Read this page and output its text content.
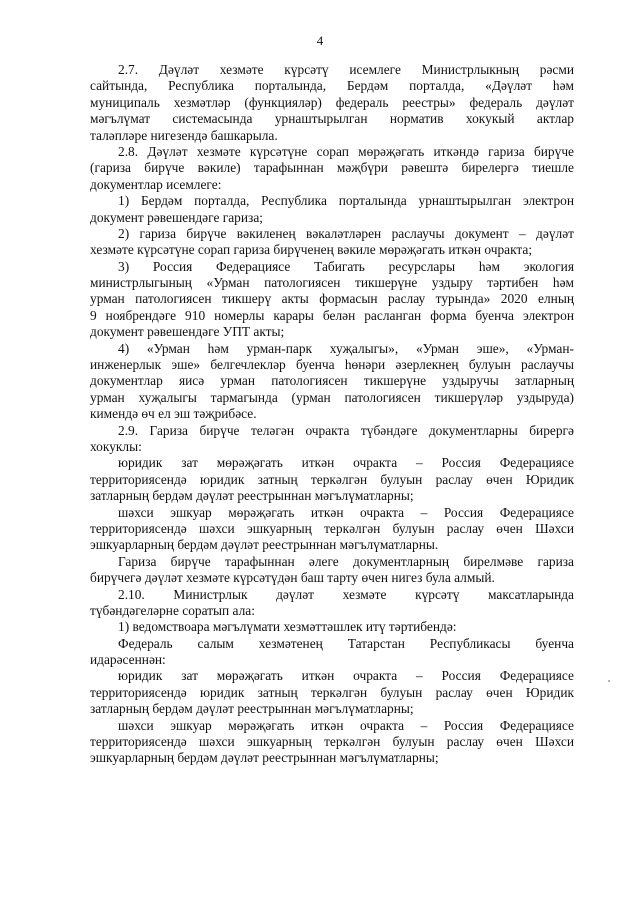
4
2.7. Дәүләт хезмәте күрсәтү исемлеге Министрлыкның рәсми
сайтында, Республика порталында, Бердәм порталда, «Дәүләт һәм
муниципаль хезмәтләр (функцияләр) федераль реестры» федераль дәүләт
мәгълүмат системасында урнаштырылган норматив хокукый актлар
таләпләре нигезендә башкарыла.
2.8. Дәүләт хезмәте күрсәтүне сорап мөрәҗәгать иткәндә гариза бирүче
(гариза бирүче вәкиле) тарафыннан мәҗбүри рәвештә бирелергә тиешле
документлар исемлеге:
1) Бердәм порталда, Республика порталында урнаштырылган электрон
документ рәвешендәге гариза;
2) гариза бирүче вәкиленең вәкаләтләрен раслаучы документ – дәүләт
хезмәте күрсәтүне сорап гариза бирүченең вәкиле мөрәҗәгать иткән очракта;
3) Россия Федерациясе Табигать ресурслары һәм экология
министрлыгының «Урман патологиясен тикшерүне уздыру тәртибен һәм
урман патологиясен тикшерү акты формасын раслау турында» 2020 елның
9 ноябрендәге 910 номерлы карары белән расланган форма буенча электрон
документ рәвешендәге УПТ акты;
4) «Урман һәм урман-парк хуҗалыгы», «Урман эше», «Урман-
инженерлык эше» белгечлекләр буенча һөнәри әзерлекнең булуын раслаучы
документлар яисә урман патологиясен тикшерүне уздыручы затларның
урман хуҗалыгы тармагында (урман патологиясен тикшерүләр уздыруда)
кимендә өч ел эш тәҗрибәсе.
2.9. Гариза бирүче теләгән очракта түбәндәге документларны бирергә
хокуклы:
юридик зат мөрәҗәгать иткән очракта – Россия Федерациясе
территориясендә юридик затның теркәлгән булуын раслау өчен Юридик
затларның бердәм дәүләт реестрыннан мәгълүматларны;
шәхси эшкуар мөрәҗәгать иткән очракта – Россия Федерациясе
территориясендә шәхси эшкуарның теркәлгән булуын раслау өчен Шәхси
эшкуарларның бердәм дәүләт реестрыннан мәгълүматларны.
Гариза бирүче тарафыннан әлеге документларның бирелмәве гариза
бирүчегә дәүләт хезмәте күрсәтүдән баш тарту өчен нигез була алмый.
2.10. Министрлык дәүләт хезмәте күрсәтү максатларында
түбәндәгеләрне соратып ала:
1) ведомствоара мәгълүмати хезмәттәшлек итү тәртибендә:
Федераль салым хезмәтенең Татарстан Республикасы буенча
идарәсеннән:
юридик зат мөрәҗәгать иткән очракта – Россия Федерациясе
территориясендә юридик затның теркәлгән булуын раслау өчен Юридик
затларның бердәм дәүләт реестрыннан мәгълүматларны;
шәхси эшкуар мөрәҗәгать иткән очракта – Россия Федерациясе
территориясендә шәхси эшкуарның теркәлгән булуын раслау өчен Шәхси
эшкуарларның бердәм дәүләт реестрыннан мәгълүматларны;
